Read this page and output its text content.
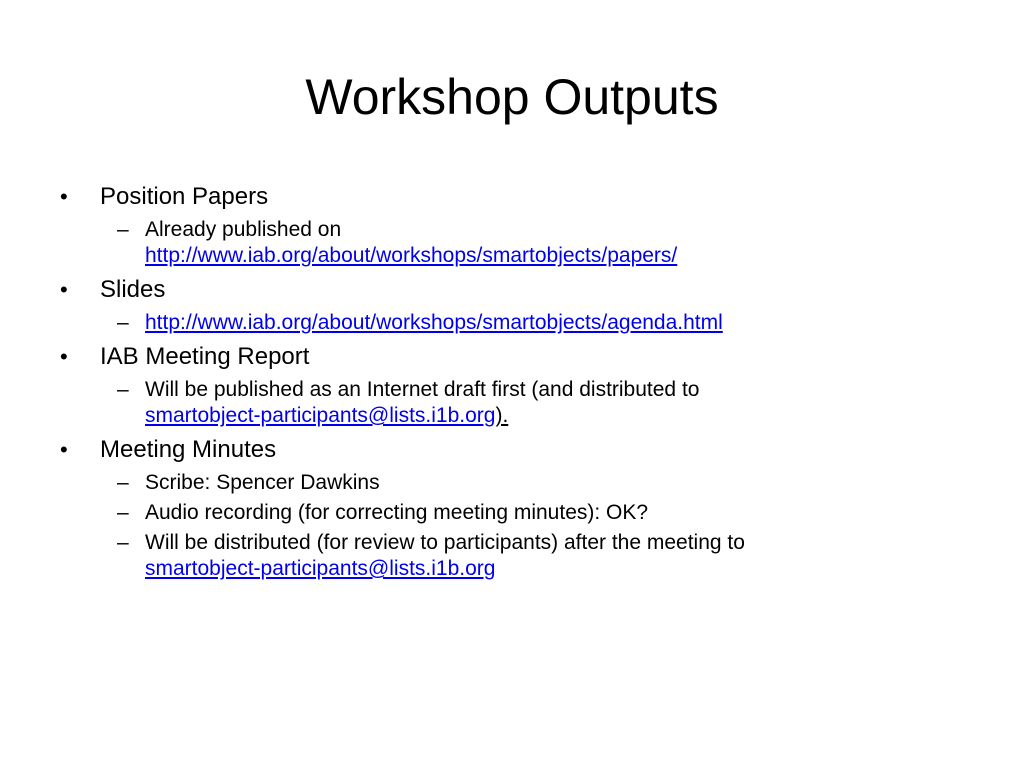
Workshop Outputs
• Position Papers
– Already published on
http://www.iab.org/about/workshops/smartobjects/papers/
• Slides
– http://www.iab.org/about/workshops/smartobjects/agenda.html
• IAB Meeting Report
– Will be published as an Internet draft first (and distributed to
smartobject-participants@lists.i1b.org).
• Meeting Minutes
– Scribe: Spencer Dawkins
– Audio recording (for correcting meeting minutes): OK?
– Will be distributed (for review to participants) after the meeting to
smartobject-participants@lists.i1b.org
